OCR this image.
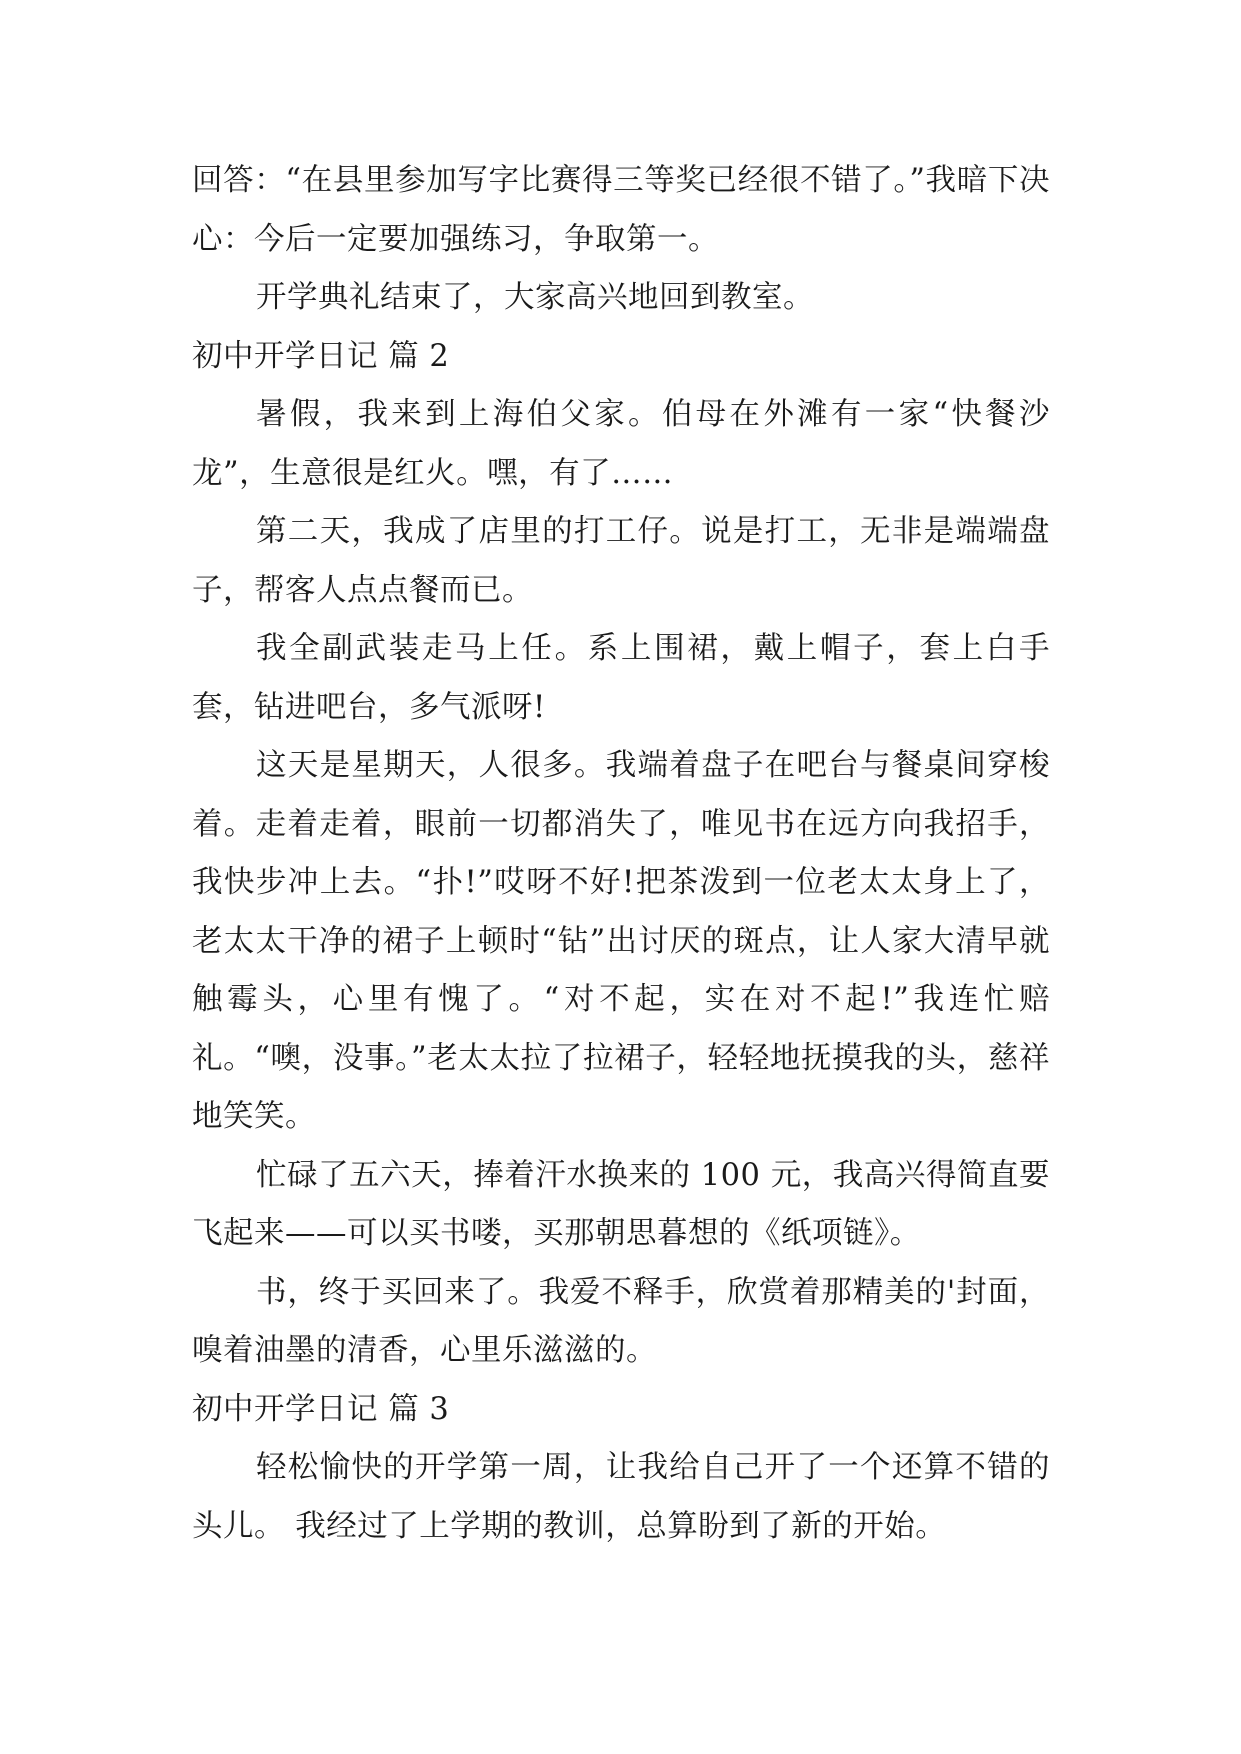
回答：“在县里参加写字比赛得三等奖已经很不错了。”我暗下决心：今后一定要加强练习，争取第一。

开学典礼结束了，大家高兴地回到教室。

初中开学日记 篇 2

暑假，我来到上海伯父家。伯母在外滩有一家“快餐沙龙”，生意很是红火。嘿，有了……

第二天，我成了店里的打工仔。说是打工，无非是端端盘子，帮客人点点餐而已。

我全副武装走马上任。系上围裙，戴上帽子，套上白手套，钻进吧台，多气派呀!

这天是星期天，人很多。我端着盘子在吧台与餐桌间穿梭着。走着走着，眼前一切都消失了，唯见书在远方向我招手，我快步冲上去。“扑!”哎呀不好!把茶泼到一位老太太身上了，老太太干净的裙子上顿时“钻”出讨厌的斑点，让人家大清早就触霉头，心里有愧了。“对不起，实在对不起!”我连忙赔礼。“噢，没事。”老太太拉了拉裙子，轻轻地抚摸我的头，慈祥地笑笑。

忙碌了五六天，捧着汗水换来的 100 元，我高兴得简直要飞起来——可以买书喽，买那朝思暮想的《纸项链》。

书，终于买回来了。我爱不释手，欣赏着那精美的'封面，嗅着油墨的清香，心里乐滋滋的。

初中开学日记 篇 3

轻松愉快的开学第一周，让我给自己开了一个还算不错的头儿。 我经过了上学期的教训，总算盼到了新的开始。
